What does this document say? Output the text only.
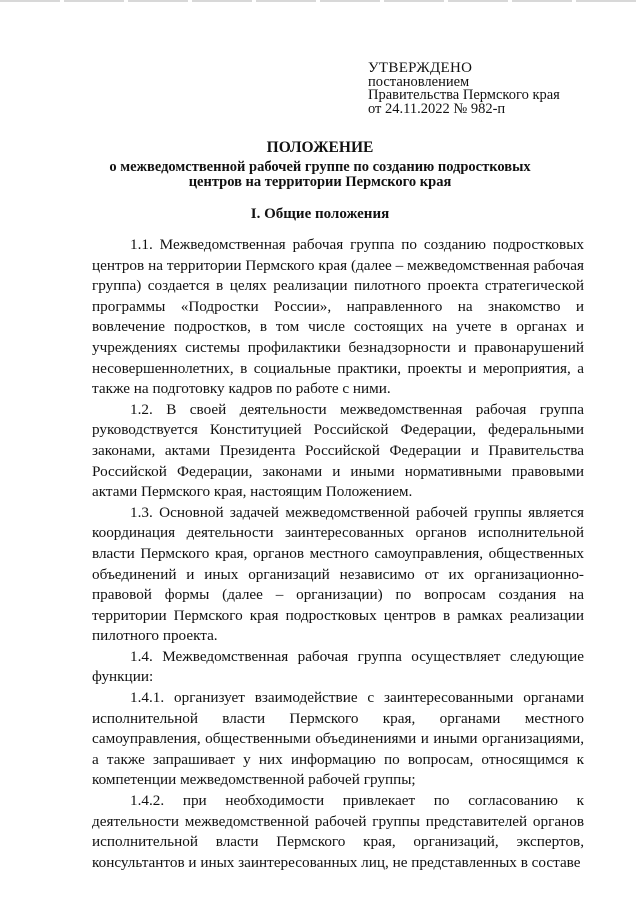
УТВЕРЖДЕНО
постановлением
Правительства Пермского края
от 24.11.2022 № 982-п
ПОЛОЖЕНИЕ
о межведомственной рабочей группе по созданию подростковых центров на территории Пермского края
I. Общие положения

1.1. Межведомственная рабочая группа по созданию подростковых центров на территории Пермского края (далее – межведомственная рабочая группа) создается в целях реализации пилотного проекта стратегической программы «Подростки России», направленного на знакомство и вовлечение подростков, в том числе состоящих на учете в органах и учреждениях системы профилактики безнадзорности и правонарушений несовершеннолетних, в социальные практики, проекты и мероприятия, а также на подготовку кадров по работе с ними.

1.2. В своей деятельности межведомственная рабочая группа руководствуется Конституцией Российской Федерации, федеральными законами, актами Президента Российской Федерации и Правительства Российской Федерации, законами и иными нормативными правовыми актами Пермского края, настоящим Положением.

1.3. Основной задачей межведомственной рабочей группы является координация деятельности заинтересованных органов исполнительной власти Пермского края, органов местного самоуправления, общественных объединений и иных организаций независимо от их организационно-правовой формы (далее – организации) по вопросам создания на территории Пермского края подростковых центров в рамках реализации пилотного проекта.

1.4. Межведомственная рабочая группа осуществляет следующие функции:

1.4.1. организует взаимодействие с заинтересованными органами исполнительной власти Пермского края, органами местного самоуправления, общественными объединениями и иными организациями, а также запрашивает у них информацию по вопросам, относящимся к компетенции межведомственной рабочей группы;

1.4.2. при необходимости привлекает по согласованию к деятельности межведомственной рабочей группы представителей органов исполнительной власти Пермского края, организаций, экспертов, консультантов и иных заинтересованных лиц, не представленных в составе
